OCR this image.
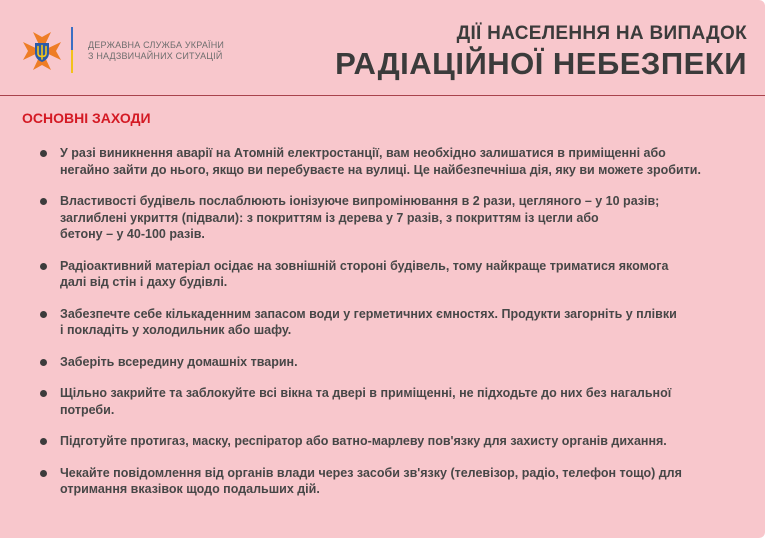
ДЕРЖАВНА СЛУЖБА УКРАЇНИ
З НАДЗВИЧАЙНИХ СИТУАЦІЙ
ДІЇ НАСЕЛЕННЯ НА ВИПАДОК
РАДІАЦІЙНОЇ НЕБЕЗПЕКИ
ОСНОВНІ ЗАХОДИ
У разі виникнення аварії на Атомній електростанції, вам необхідно залишатися в приміщенні або
негайно зайти до нього, якщо ви перебуваєте на вулиці. Це найбезпечніша дія, яку ви можете зробити.
Властивості будівель послаблюють іонізуюче випромінювання в 2 рази, цегляного – у 10 разів;
заглиблені укриття (підвали): з покриттям із дерева у 7 разів, з покриттям із цегли або
бетону – у 40-100 разів.
Радіоактивний матеріал осідає на зовнішній стороні будівель, тому найкраще триматися якомога
далі від стін і даху будівлі.
Забезпечте себе кількаденним запасом води у герметичних ємностях. Продукти загорніть у плівки
і покладіть у холодильник або шафу.
Заберіть всередину домашніх тварин.
Щільно закрийте та заблокуйте всі вікна та двері в приміщенні, не підходьте до них без нагальної
потреби.
Підготуйте протигаз, маску, респіратор або ватно-марлеву пов'язку для захисту органів дихання.
Чекайте повідомлення від органів влади через засоби зв'язку (телевізор, радіо, телефон тощо) для
отримання вказівок щодо подальших дій.
